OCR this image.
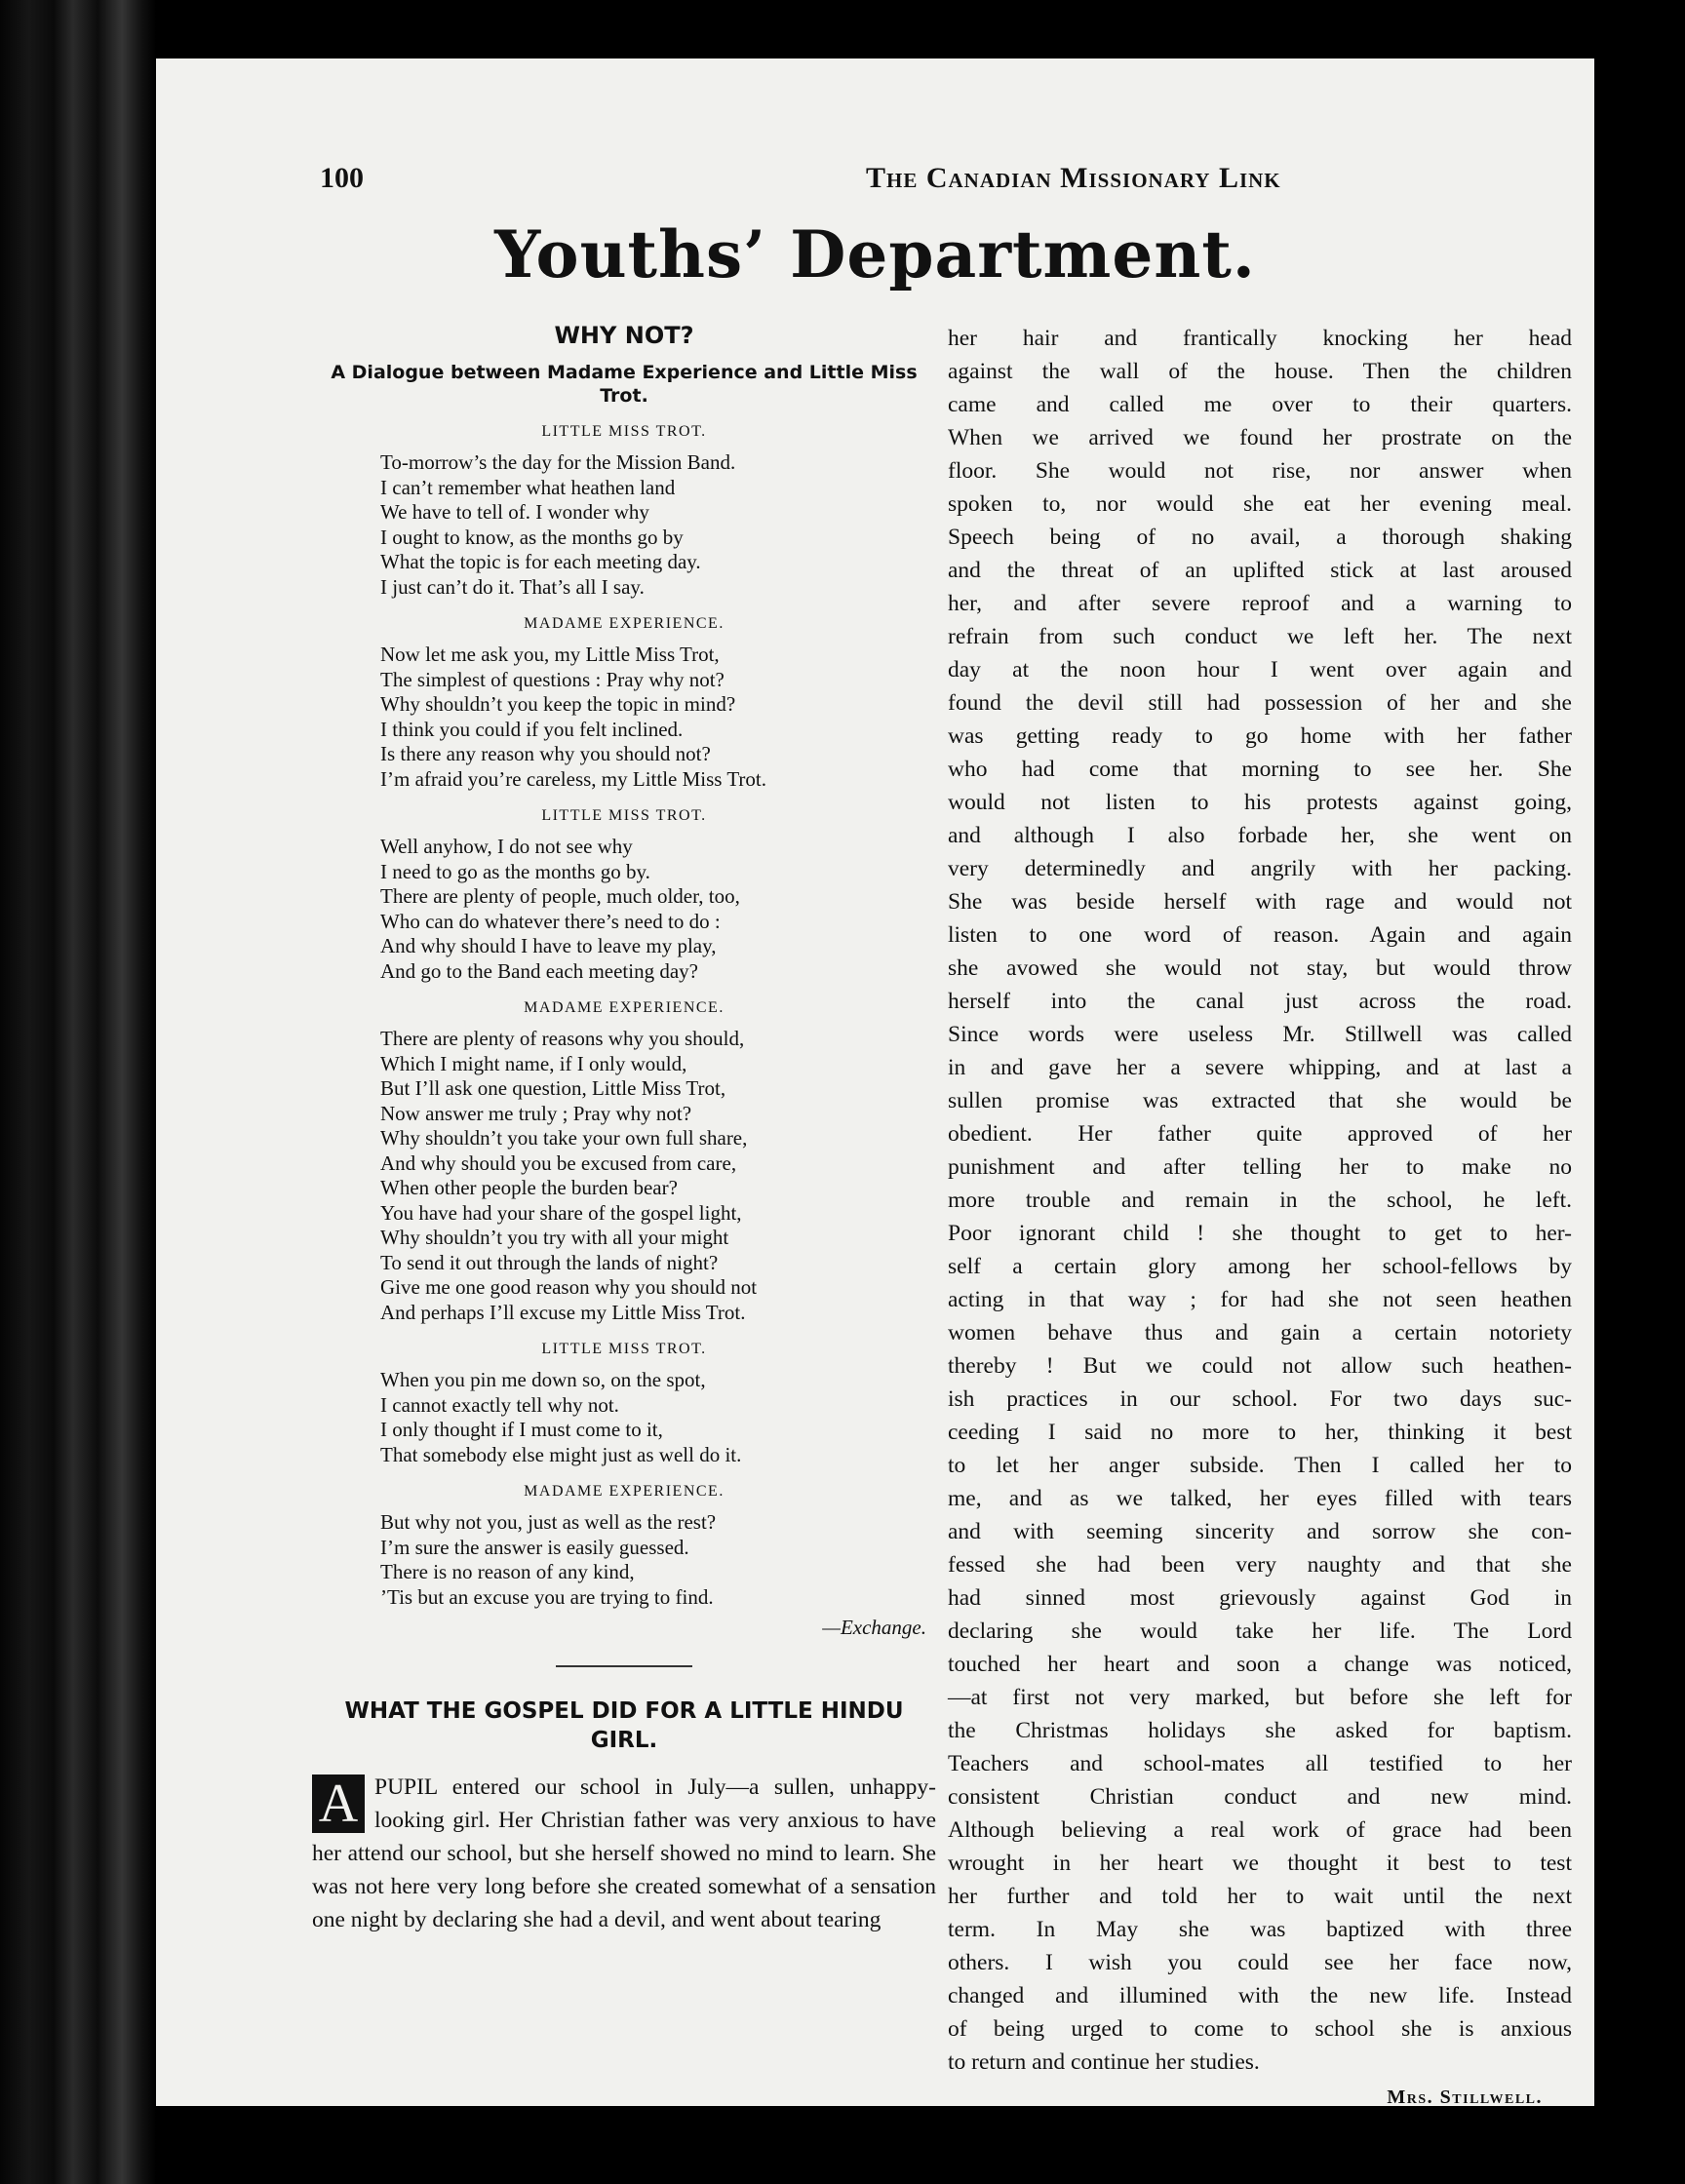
100	The Canadian Missionary Link
Youths’ Department.
WHY NOT?
A Dialogue between Madame Experience and Little Miss Trot.
LITTLE MISS TROT.
To-morrow’s the day for the Mission Band.
I can’t remember what heathen land
We have to tell of. I wonder why
I ought to know, as the months go by
What the topic is for each meeting day.
I just can’t do it. That’s all I say.
MADAME EXPERIENCE.
Now let me ask you, my Little Miss Trot,
The simplest of questions : Pray why not?
Why shouldn’t you keep the topic in mind?
I think you could if you felt inclined.
Is there any reason why you should not?
I’m afraid you’re careless, my Little Miss Trot.
LITTLE MISS TROT.
Well anyhow, I do not see why
I need to go as the months go by.
There are plenty of people, much older, too,
Who can do whatever there’s need to do :
And why should I have to leave my play,
And go to the Band each meeting day?
MADAME EXPERIENCE.
There are plenty of reasons why you should,
Which I might name, if I only would,
But I’ll ask one question, Little Miss Trot,
Now answer me truly ; Pray why not?
Why shouldn’t you take your own full share,
And why should you be excused from care,
When other people the burden bear?
You have had your share of the gospel light,
Why shouldn’t you try with all your might
To send it out through the lands of night?
Give me one good reason why you should not
And perhaps I’ll excuse my Little Miss Trot.
LITTLE MISS TROT.
When you pin me down so, on the spot,
I cannot exactly tell why not.
I only thought if I must come to it,
That somebody else might just as well do it.
MADAME EXPERIENCE.
But why not you, just as well as the rest?
I’m sure the answer is easily guessed.
There is no reason of any kind,
’Tis but an excuse you are trying to find.
—Exchange.
WHAT THE GOSPEL DID FOR A LITTLE HINDU GIRL.
A PUPIL entered our school in July—a sullen, unhappy-looking girl. Her Christian father was very anxious to have her attend our school, but she herself showed no mind to learn. She was not here very long before she created somewhat of a sensation one night by declaring she had a devil, and went about tearing
her hair and frantically knocking her head
against the wall of the house. Then the children
came and called me over to their quarters.
When we arrived we found her prostrate on the
floor. She would not rise, nor answer when
spoken to, nor would she eat her evening meal.
Speech being of no avail, a thorough shaking
and the threat of an uplifted stick at last aroused
her, and after severe reproof and a warning to
refrain from such conduct we left her. The next
day at the noon hour I went over again and
found the devil still had possession of her and she
was getting ready to go home with her father
who had come that morning to see her. She
would not listen to his protests against going,
and although I also forbade her, she went on
very determinedly and angrily with her packing.
She was beside herself with rage and would not
listen to one word of reason. Again and again
she avowed she would not stay, but would throw
herself into the canal just across the road.
Since words were useless Mr. Stillwell was called
in and gave her a severe whipping, and at last a
sullen promise was extracted that she would be
obedient. Her father quite approved of her
punishment and after telling her to make no
more trouble and remain in the school, he left.
Poor ignorant child ! she thought to get to her-
self a certain glory among her school-fellows by
acting in that way ; for had she not seen heathen
women behave thus and gain a certain notoriety
thereby ! But we could not allow such heathen-
ish practices in our school. For two days suc-
ceeding I said no more to her, thinking it best
to let her anger subside. Then I called her to
me, and as we talked, her eyes filled with tears
and with seeming sincerity and sorrow she con-
fessed she had been very naughty and that she
had sinned most grievously against God in
declaring she would take her life. The Lord
touched her heart and soon a change was noticed,
—at first not very marked, but before she left for
the Christmas holidays she asked for baptism.
Teachers and school-mates all testified to her
consistent Christian conduct and new mind.
Although believing a real work of grace had been
wrought in her heart we thought it best to test
her further and told her to wait until the next
term. In May she was baptized with three
others. I wish you could see her face now,
changed and illumined with the new life. Instead
of being urged to come to school she is anxious
to return and continue her studies.
Mrs. Stillwell.
